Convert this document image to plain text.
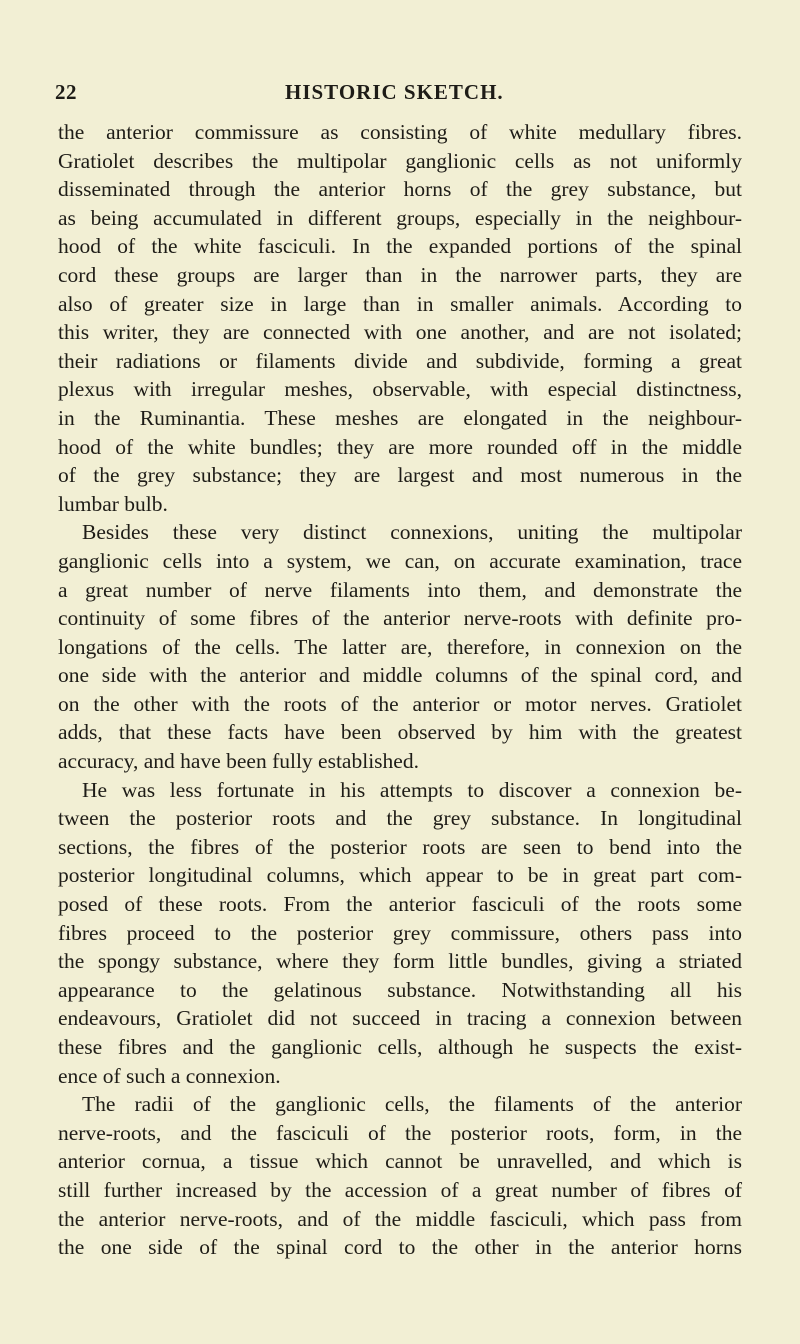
22	HISTORIC SKETCH.
the anterior commissure as consisting of white medullary fibres.
Gratiolet describes the multipolar ganglionic cells as not uniformly
disseminated through the anterior horns of the grey substance, but
as being accumulated in different groups, especially in the neighbour-
hood of the white fasciculi. In the expanded portions of the spinal
cord these groups are larger than in the narrower parts, they are
also of greater size in large than in smaller animals. According to
this writer, they are connected with one another, and are not isolated;
their radiations or filaments divide and subdivide, forming a great
plexus with irregular meshes, observable, with especial distinctness,
in the Ruminantia. These meshes are elongated in the neighbour-
hood of the white bundles; they are more rounded off in the middle
of the grey substance; they are largest and most numerous in the
lumbar bulb.
Besides these very distinct connexions, uniting the multipolar
ganglionic cells into a system, we can, on accurate examination, trace
a great number of nerve filaments into them, and demonstrate the
continuity of some fibres of the anterior nerve-roots with definite pro-
longations of the cells. The latter are, therefore, in connexion on the
one side with the anterior and middle columns of the spinal cord, and
on the other with the roots of the anterior or motor nerves. Gratiolet
adds, that these facts have been observed by him with the greatest
accuracy, and have been fully established.
He was less fortunate in his attempts to discover a connexion be-
tween the posterior roots and the grey substance. In longitudinal
sections, the fibres of the posterior roots are seen to bend into the
posterior longitudinal columns, which appear to be in great part com-
posed of these roots. From the anterior fasciculi of the roots some
fibres proceed to the posterior grey commissure, others pass into
the spongy substance, where they form little bundles, giving a striated
appearance to the gelatinous substance. Notwithstanding all his
endeavours, Gratiolet did not succeed in tracing a connexion between
these fibres and the ganglionic cells, although he suspects the exist-
ence of such a connexion.
The radii of the ganglionic cells, the filaments of the anterior
nerve-roots, and the fasciculi of the posterior roots, form, in the
anterior cornua, a tissue which cannot be unravelled, and which is
still further increased by the accession of a great number of fibres of
the anterior nerve-roots, and of the middle fasciculi, which pass from
the one side of the spinal cord to the other in the anterior horns
